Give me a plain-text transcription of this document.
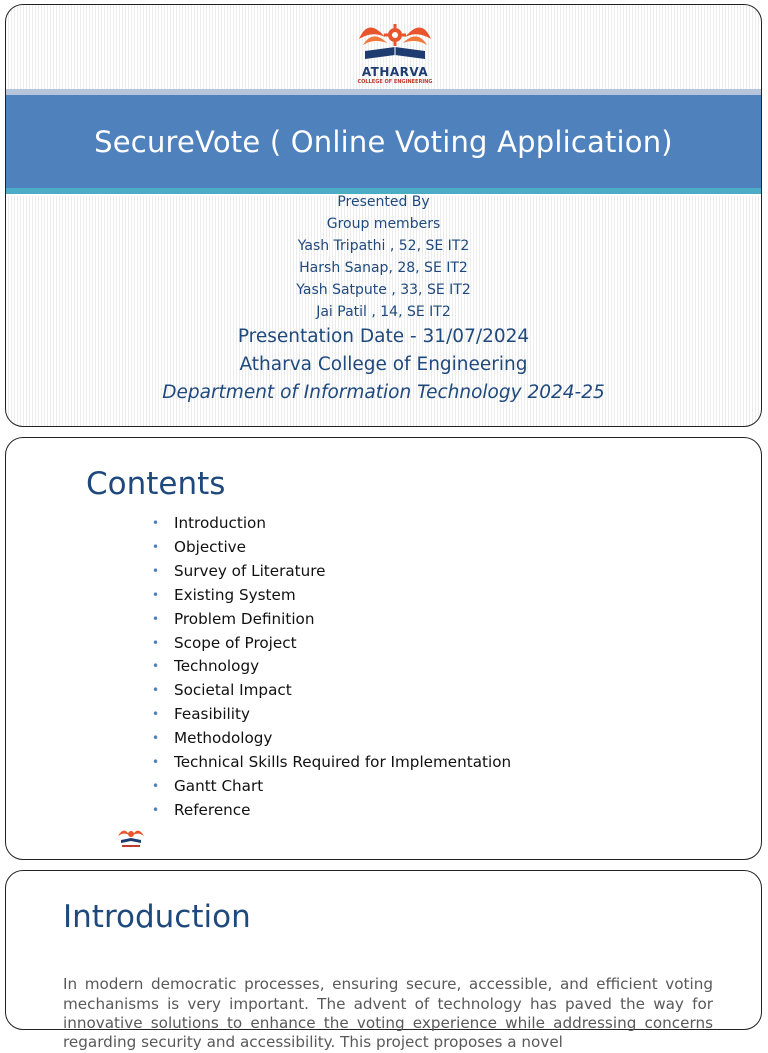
ATHARVA
COLLEGE OF ENGINEERING
SecureVote ( Online Voting Application)
Presented By
Group members
Yash Tripathi , 52, SE IT2
Harsh Sanap, 28, SE IT2
Yash Satpute , 33, SE IT2
Jai Patil , 14, SE IT2
Presentation Date - 31/07/2024
Atharva College of Engineering
Department of Information Technology 2024-25
Contents
• Introduction
• Objective
• Survey of Literature
• Existing System
• Problem Definition
• Scope of Project
• Technology
• Societal Impact
• Feasibility
• Methodology
• Technical Skills Required for Implementation
• Gantt Chart
• Reference
Introduction

In modern democratic processes, ensuring secure, accessible, and efficient voting mechanisms is very important. The advent of technology has paved the way for innovative solutions to enhance the voting experience while addressing concerns regarding security and accessibility. This project proposes a novel
